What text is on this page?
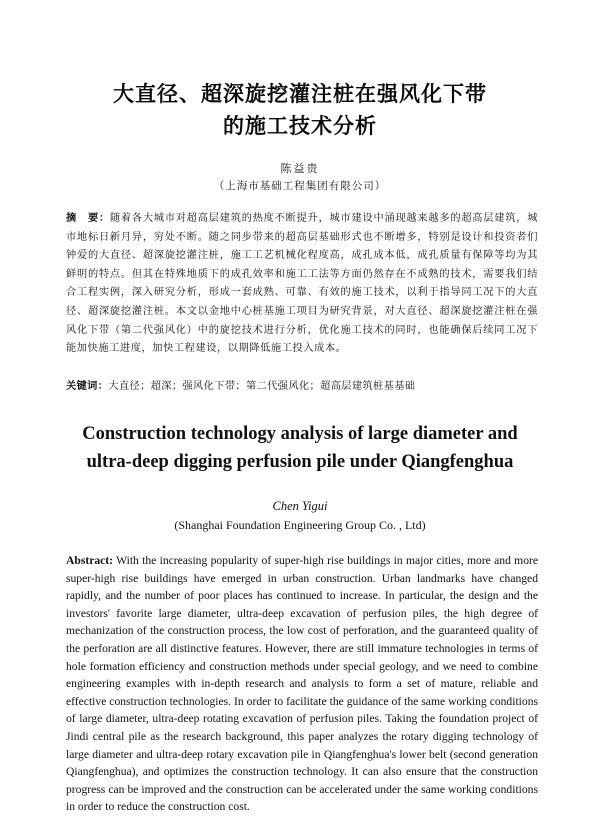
大直径、超深旋挖灌注桩在强风化下带
的施工技术分析
陈益贵
（上海市基础工程集团有限公司）
摘　要：随着各大城市对超高层建筑的热度不断提升，城市建设中涌现越来越多的超高层建筑，城市地标日新月异，穷处不断。随之同步带来的超高层基础形式也不断增多，特别是设计和投资者们钟爱的大直径、超深旋挖灌注桩，施工工艺机械化程度高，成孔成本低，成孔质量有保障等均为其鲜明的特点。但其在特殊地质下的成孔效率和施工工法等方面仍然存在不成熟的技术，需要我们结合工程实例，深入研究分析，形成一套成熟、可靠、有效的施工技术，以利于指导同工况下的大直径、超深旋挖灌注桩。本文以金地中心桩基施工项目为研究背景，对大直径、超深旋挖灌注桩在强风化下带（第二代强风化）中的旋挖技术进行分析，优化施工技术的同时，也能确保后续同工况下能加快施工进度，加快工程建设，以期降低施工投入成本。
关键词：大直径；超深；强风化下带；第二代强风化；超高层建筑桩基基础
Construction technology analysis of large diameter and
ultra-deep digging perfusion pile under Qiangfenghua
Chen Yigui
(Shanghai Foundation Engineering Group Co. , Ltd)
Abstract: With the increasing popularity of super-high rise buildings in major cities, more and more super-high rise buildings have emerged in urban construction. Urban landmarks have changed rapidly, and the number of poor places has continued to increase. In particular, the design and the investors' favorite large diameter, ultra-deep excavation of perfusion piles, the high degree of mechanization of the construction process, the low cost of perforation, and the guaranteed quality of the perforation are all distinctive features. However, there are still immature technologies in terms of hole formation efficiency and construction methods under special geology, and we need to combine engineering examples with in-depth research and analysis to form a set of mature, reliable and effective construction technologies. In order to facilitate the guidance of the same working conditions of large diameter, ultra-deep rotating excavation of perfusion piles. Taking the foundation project of Jindi central pile as the research background, this paper analyzes the rotary digging technology of large diameter and ultra-deep rotary excavation pile in Qiangfenghua's lower belt (second generation Qiangfenghua), and optimizes the construction technology. It can also ensure that the construction progress can be improved and the construction can be accelerated under the same working conditions in order to reduce the construction cost.
